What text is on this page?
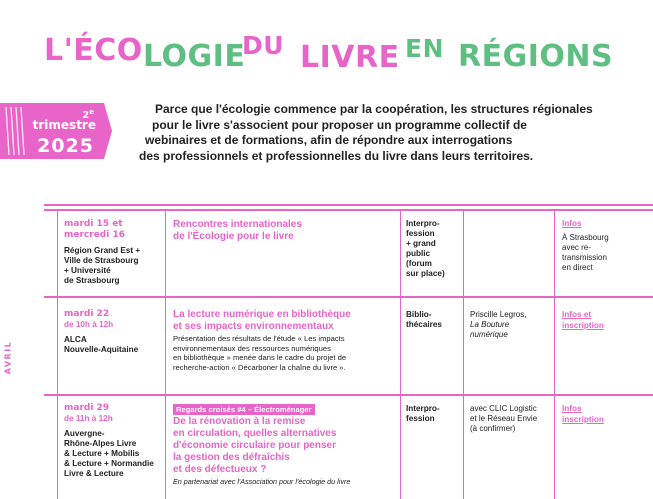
L'ÉCO LOGIE
DU LIVRE EN RÉGIONS
2e
trimestre
2025
Parce que l'écologie commence par la coopération, les structures régionales
pour le livre s'associent pour proposer un programme collectif de
webinaires et de formations, afin de répondre aux interrogations
des professionnels et professionnelles du livre dans leurs territoires.
AVRIL
mardi 15 et
mercredi 16
Région Grand Est +
Ville de Strasbourg
+ Université
de Strasbourg
Rencontres internationales
de l'Écologie pour le livre
Interpro-
fession
+ grand
public
(forum
sur place)
Infos
À Strasbourg
avec re-
transmission
en direct
mardi 22
de 10h à 12h
ALCA
Nouvelle-Aquitaine
La lecture numérique en bibliothèque
et ses impacts environnementaux
Présentation des résultats de l'étude « Les impacts
environnementaux des ressources numériques
en bibliothèque » menée dans le cadre du projet de
recherche-action « Décarboner la chaîne du livre ».
Biblio-
thécaires
Priscille Legros,
La Bouture
numérique
Infos et
inscription
mardi 29
de 11h à 12h
Auvergne-
Rhône-Alpes Livre
& Lecture + Mobilis
& Lecture + Normandie
Livre & Lecture
Regards croisés #4 – Électroménager
De la rénovation à la remise
en circulation, quelles alternatives
d'économie circulaire pour penser
la gestion des défraîchis
et des défectueux ?
En partenariat avec l'Association pour l'écologie du livre
Interpro-
fession
avec CLIC Logistic
et le Réseau Envie
(à confirmer)
Infos
inscription
